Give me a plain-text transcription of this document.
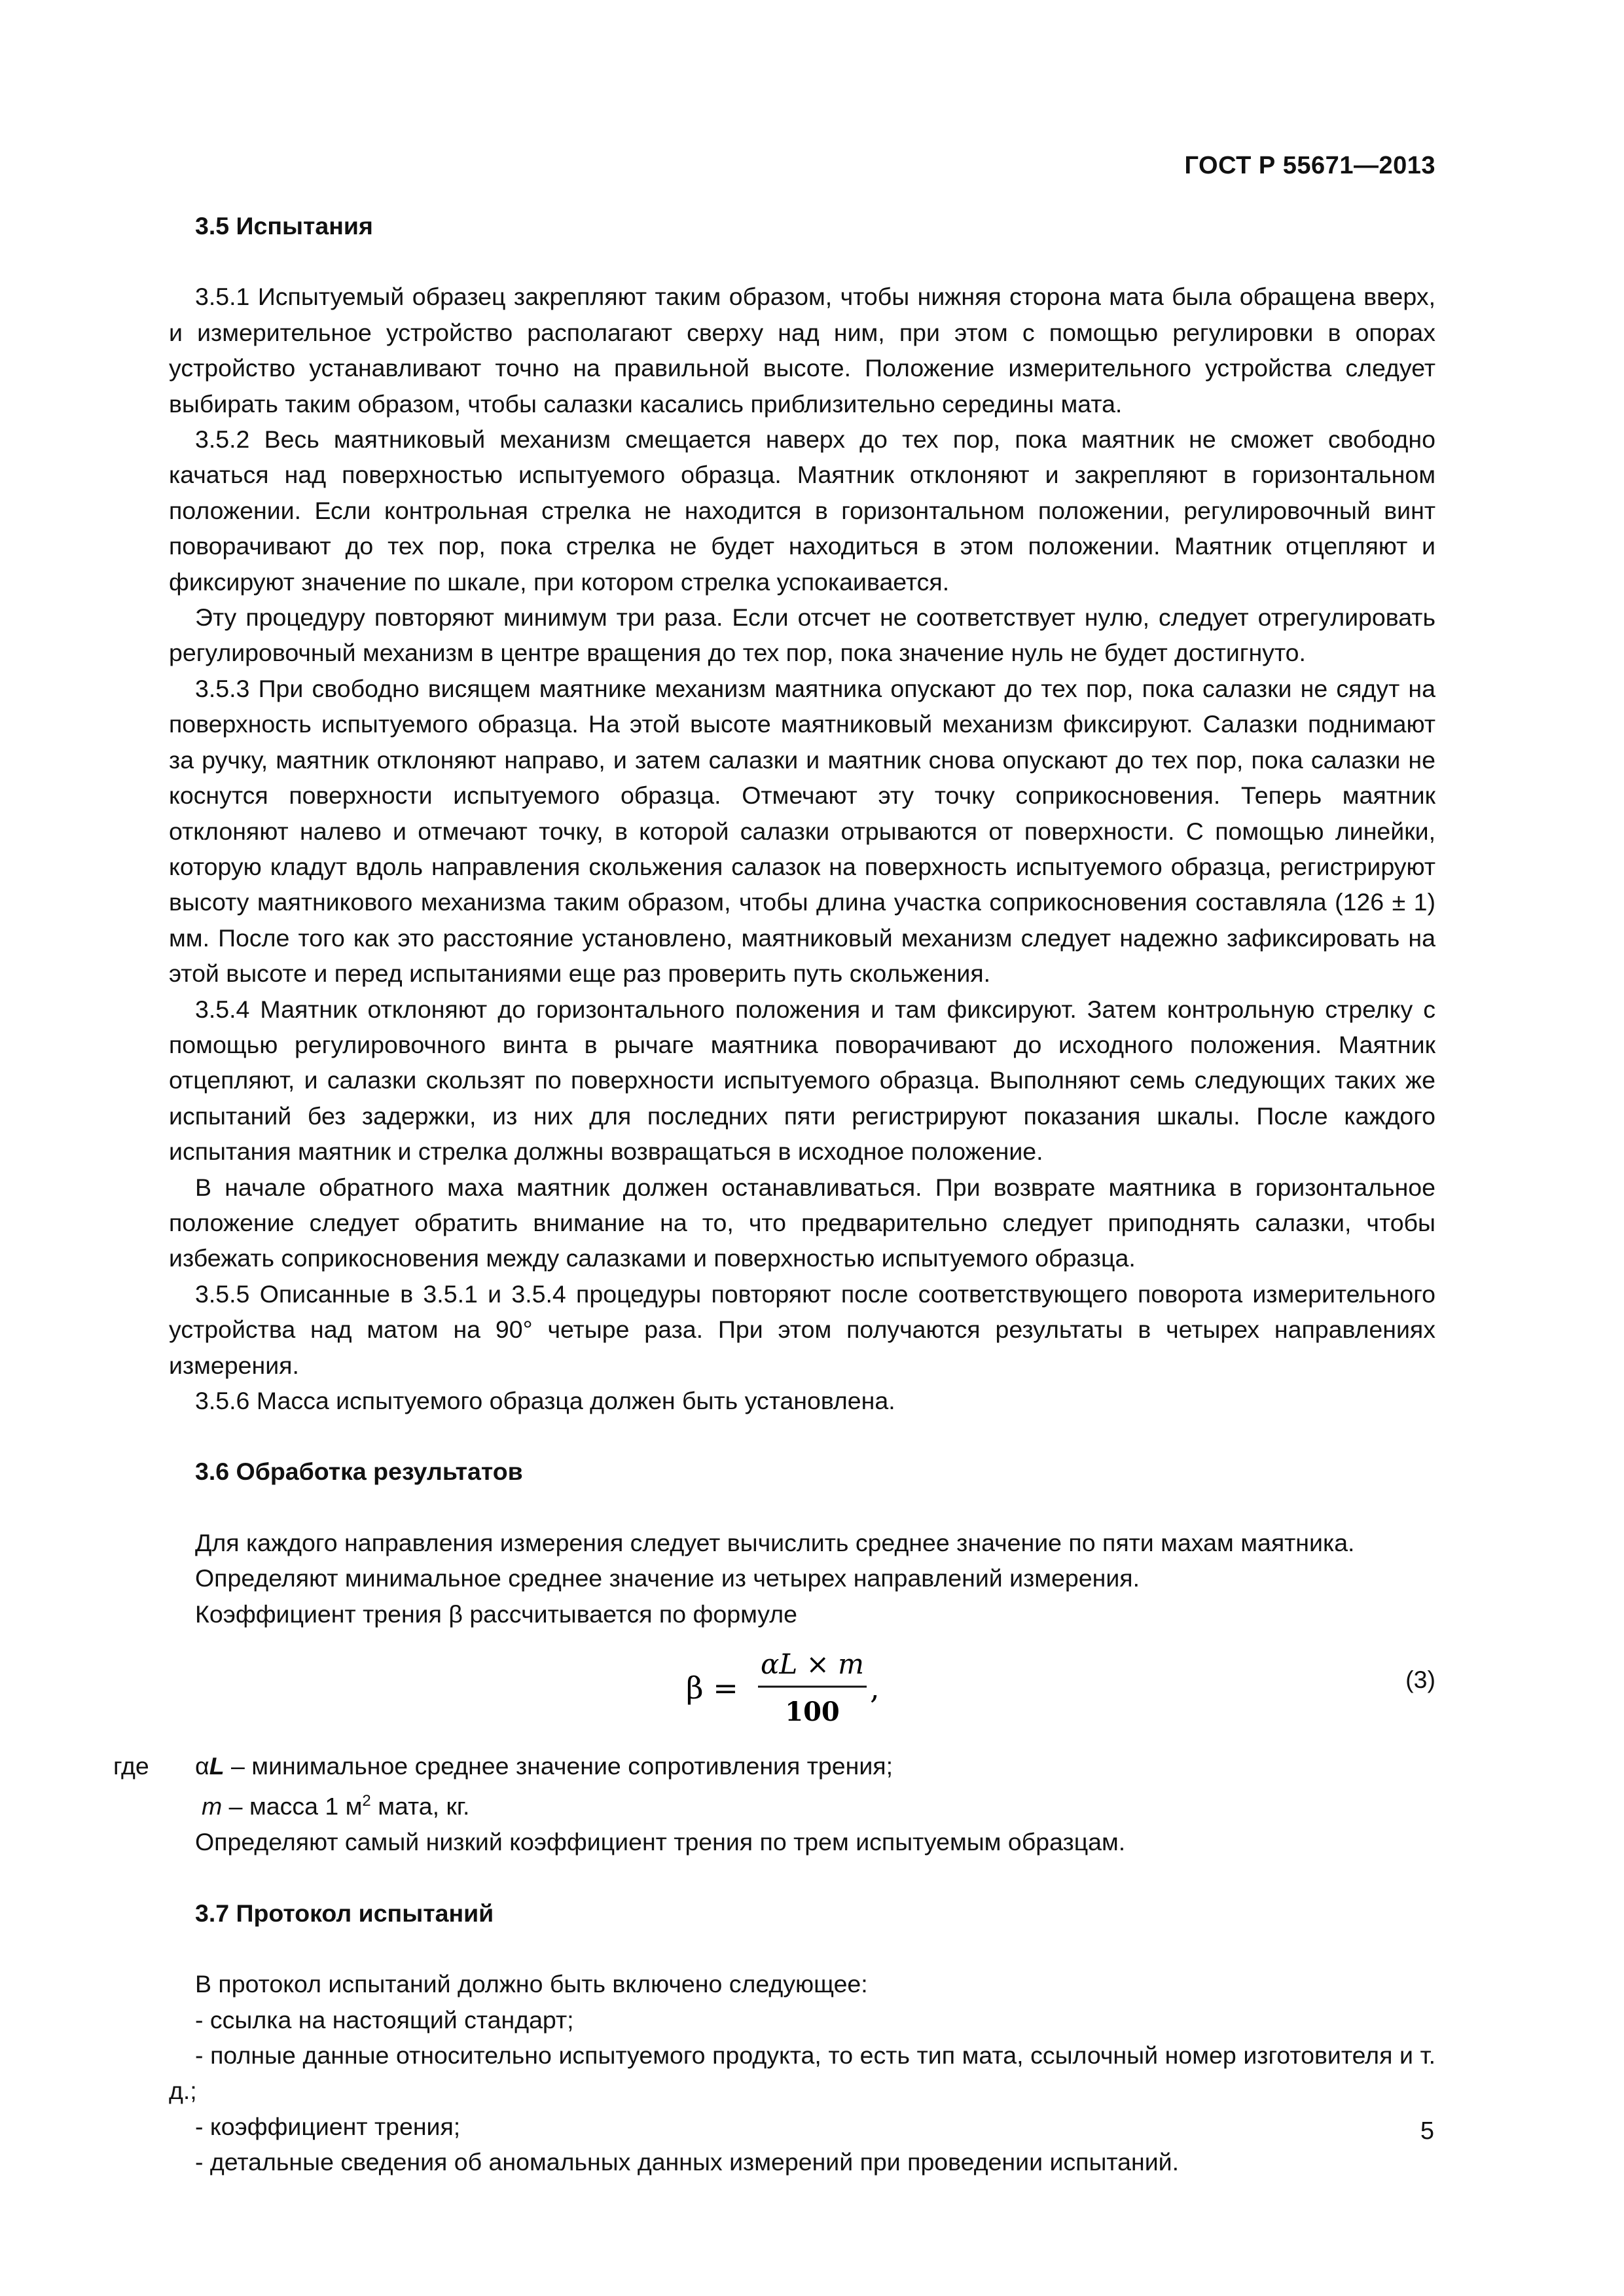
ГОСТ Р 55671—2013

3.5 Испытания

3.5.1 Испытуемый образец закрепляют таким образом, чтобы нижняя сторона мата была обращена вверх, и измерительное устройство располагают сверху над ним, при этом с помощью регулировки в опорах устройство устанавливают точно на правильной высоте. Положение измерительного устройства следует выбирать таким образом, чтобы салазки касались приблизительно середины мата.

3.5.2 Весь маятниковый механизм смещается наверх до тех пор, пока маятник не сможет свободно качаться над поверхностью испытуемого образца. Маятник отклоняют и закрепляют в горизонтальном положении. Если контрольная стрелка не находится в горизонтальном положении, регулировочный винт поворачивают до тех пор, пока стрелка не будет находиться в этом положении. Маятник отцепляют и фиксируют значение по шкале, при котором стрелка успокаивается.

Эту процедуру повторяют минимум три раза. Если отсчет не соответствует нулю, следует отрегулировать регулировочный механизм в центре вращения до тех пор, пока значение нуль не будет достигнуто.

3.5.3 При свободно висящем маятнике механизм маятника опускают до тех пор, пока салазки не сядут на поверхность испытуемого образца. На этой высоте маятниковый механизм фиксируют. Салазки поднимают за ручку, маятник отклоняют направо, и затем салазки и маятник снова опускают до тех пор, пока салазки не коснутся поверхности испытуемого образца. Отмечают эту точку соприкосновения. Теперь маятник отклоняют налево и отмечают точку, в которой салазки отрываются от поверхности. С помощью линейки, которую кладут вдоль направления скольжения салазок на поверхность испытуемого образца, регистрируют высоту маятникового механизма таким образом, чтобы длина участка соприкосновения составляла (126 ± 1) мм. После того как это расстояние установлено, маятниковый механизм следует надежно зафиксировать на этой высоте и перед испытаниями еще раз проверить путь скольжения.

3.5.4 Маятник отклоняют до горизонтального положения и там фиксируют. Затем контрольную стрелку с помощью регулировочного винта в рычаге маятника поворачивают до исходного положения. Маятник отцепляют, и салазки скользят по поверхности испытуемого образца. Выполняют семь следующих таких же испытаний без задержки, из них для последних пяти регистрируют показания шкалы. После каждого испытания маятник и стрелка должны возвращаться в исходное положение.

В начале обратного маха маятник должен останавливаться. При возврате маятника в горизонтальное положение следует обратить внимание на то, что предварительно следует приподнять салазки, чтобы избежать соприкосновения между салазками и поверхностью испытуемого образца.

3.5.5 Описанные в 3.5.1 и 3.5.4 процедуры повторяют после соответствующего поворота измерительного устройства над матом на 90° четыре раза. При этом получаются результаты в четырех направлениях измерения.

3.5.6 Масса испытуемого образца должен быть установлена.

3.6 Обработка результатов

Для каждого направления измерения следует вычислить среднее значение по пяти махам маятника.

Определяют минимальное среднее значение из четырех направлений измерения.

Коэффициент трения β рассчитывается по формуле

β =
αL × m
100
,	(3)
где	αL – минимальное среднее значение сопротивления трения;

m – масса 1 $м^2$ мата, кг.

Определяют самый низкий коэффициент трения по трем испытуемым образцам.

3.7 Протокол испытаний

В протокол испытаний должно быть включено следующее:

- ссылка на настоящий стандарт;

- полные данные относительно испытуемого продукта, то есть тип мата, ссылочный номер изготовителя и т. д.;

- коэффициент трения;

- детальные сведения об аномальных данных измерений при проведении испытаний.

5
